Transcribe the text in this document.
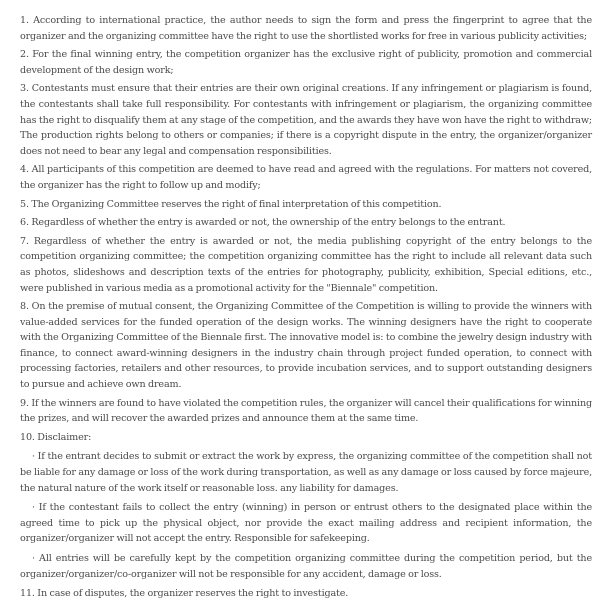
1. According to international practice, the author needs to sign the form and press the fingerprint to agree that the organizer and the organizing committee have the right to use the shortlisted works for free in various publicity activities;

2. For the final winning entry, the competition organizer has the exclusive right of publicity, promotion and commercial development of the design work;

3. Contestants must ensure that their entries are their own original creations. If any infringement or plagiarism is found, the contestants shall take full responsibility. For contestants with infringement or plagiarism, the organizing committee has the right to disqualify them at any stage of the competition, and the awards they have won have the right to withdraw; The production rights belong to others or companies; if there is a copyright dispute in the entry, the organizer/organizer does not need to bear any legal and compensation responsibilities.

4. All participants of this competition are deemed to have read and agreed with the regulations. For matters not covered, the organizer has the right to follow up and modify;

5. The Organizing Committee reserves the right of final interpretation of this competition.

6. Regardless of whether the entry is awarded or not, the ownership of the entry belongs to the entrant.

7. Regardless of whether the entry is awarded or not, the media publishing copyright of the entry belongs to the competition organizing committee; the competition organizing committee has the right to include all relevant data such as photos, slideshows and description texts of the entries for photography, publicity, exhibition, Special editions, etc., were published in various media as a promotional activity for the "Biennale" competition.

8. On the premise of mutual consent, the Organizing Committee of the Competition is willing to provide the winners with value-added services for the funded operation of the design works. The winning designers have the right to cooperate with the Organizing Committee of the Biennale first. The innovative model is: to combine the jewelry design industry with finance, to connect award-winning designers in the industry chain through project funded operation, to connect with processing factories, retailers and other resources, to provide incubation services, and to support outstanding designers to pursue and achieve own dream.

9. If the winners are found to have violated the competition rules, the organizer will cancel their qualifications for winning the prizes, and will recover the awarded prizes and announce them at the same time.

10. Disclaimer:

· If the entrant decides to submit or extract the work by express, the organizing committee of the competition shall not be liable for any damage or loss of the work during transportation, as well as any damage or loss caused by force majeure, the natural nature of the work itself or reasonable loss. any liability for damages.

· If the contestant fails to collect the entry (winning) in person or entrust others to the designated place within the agreed time to pick up the physical object, nor provide the exact mailing address and recipient information, the organizer/organizer will not accept the entry. Responsible for safekeeping.

· All entries will be carefully kept by the competition organizing committee during the competition period, but the organizer/organizer/co-organizer will not be responsible for any accident, damage or loss.

11. In case of disputes, the organizer reserves the right to investigate.
